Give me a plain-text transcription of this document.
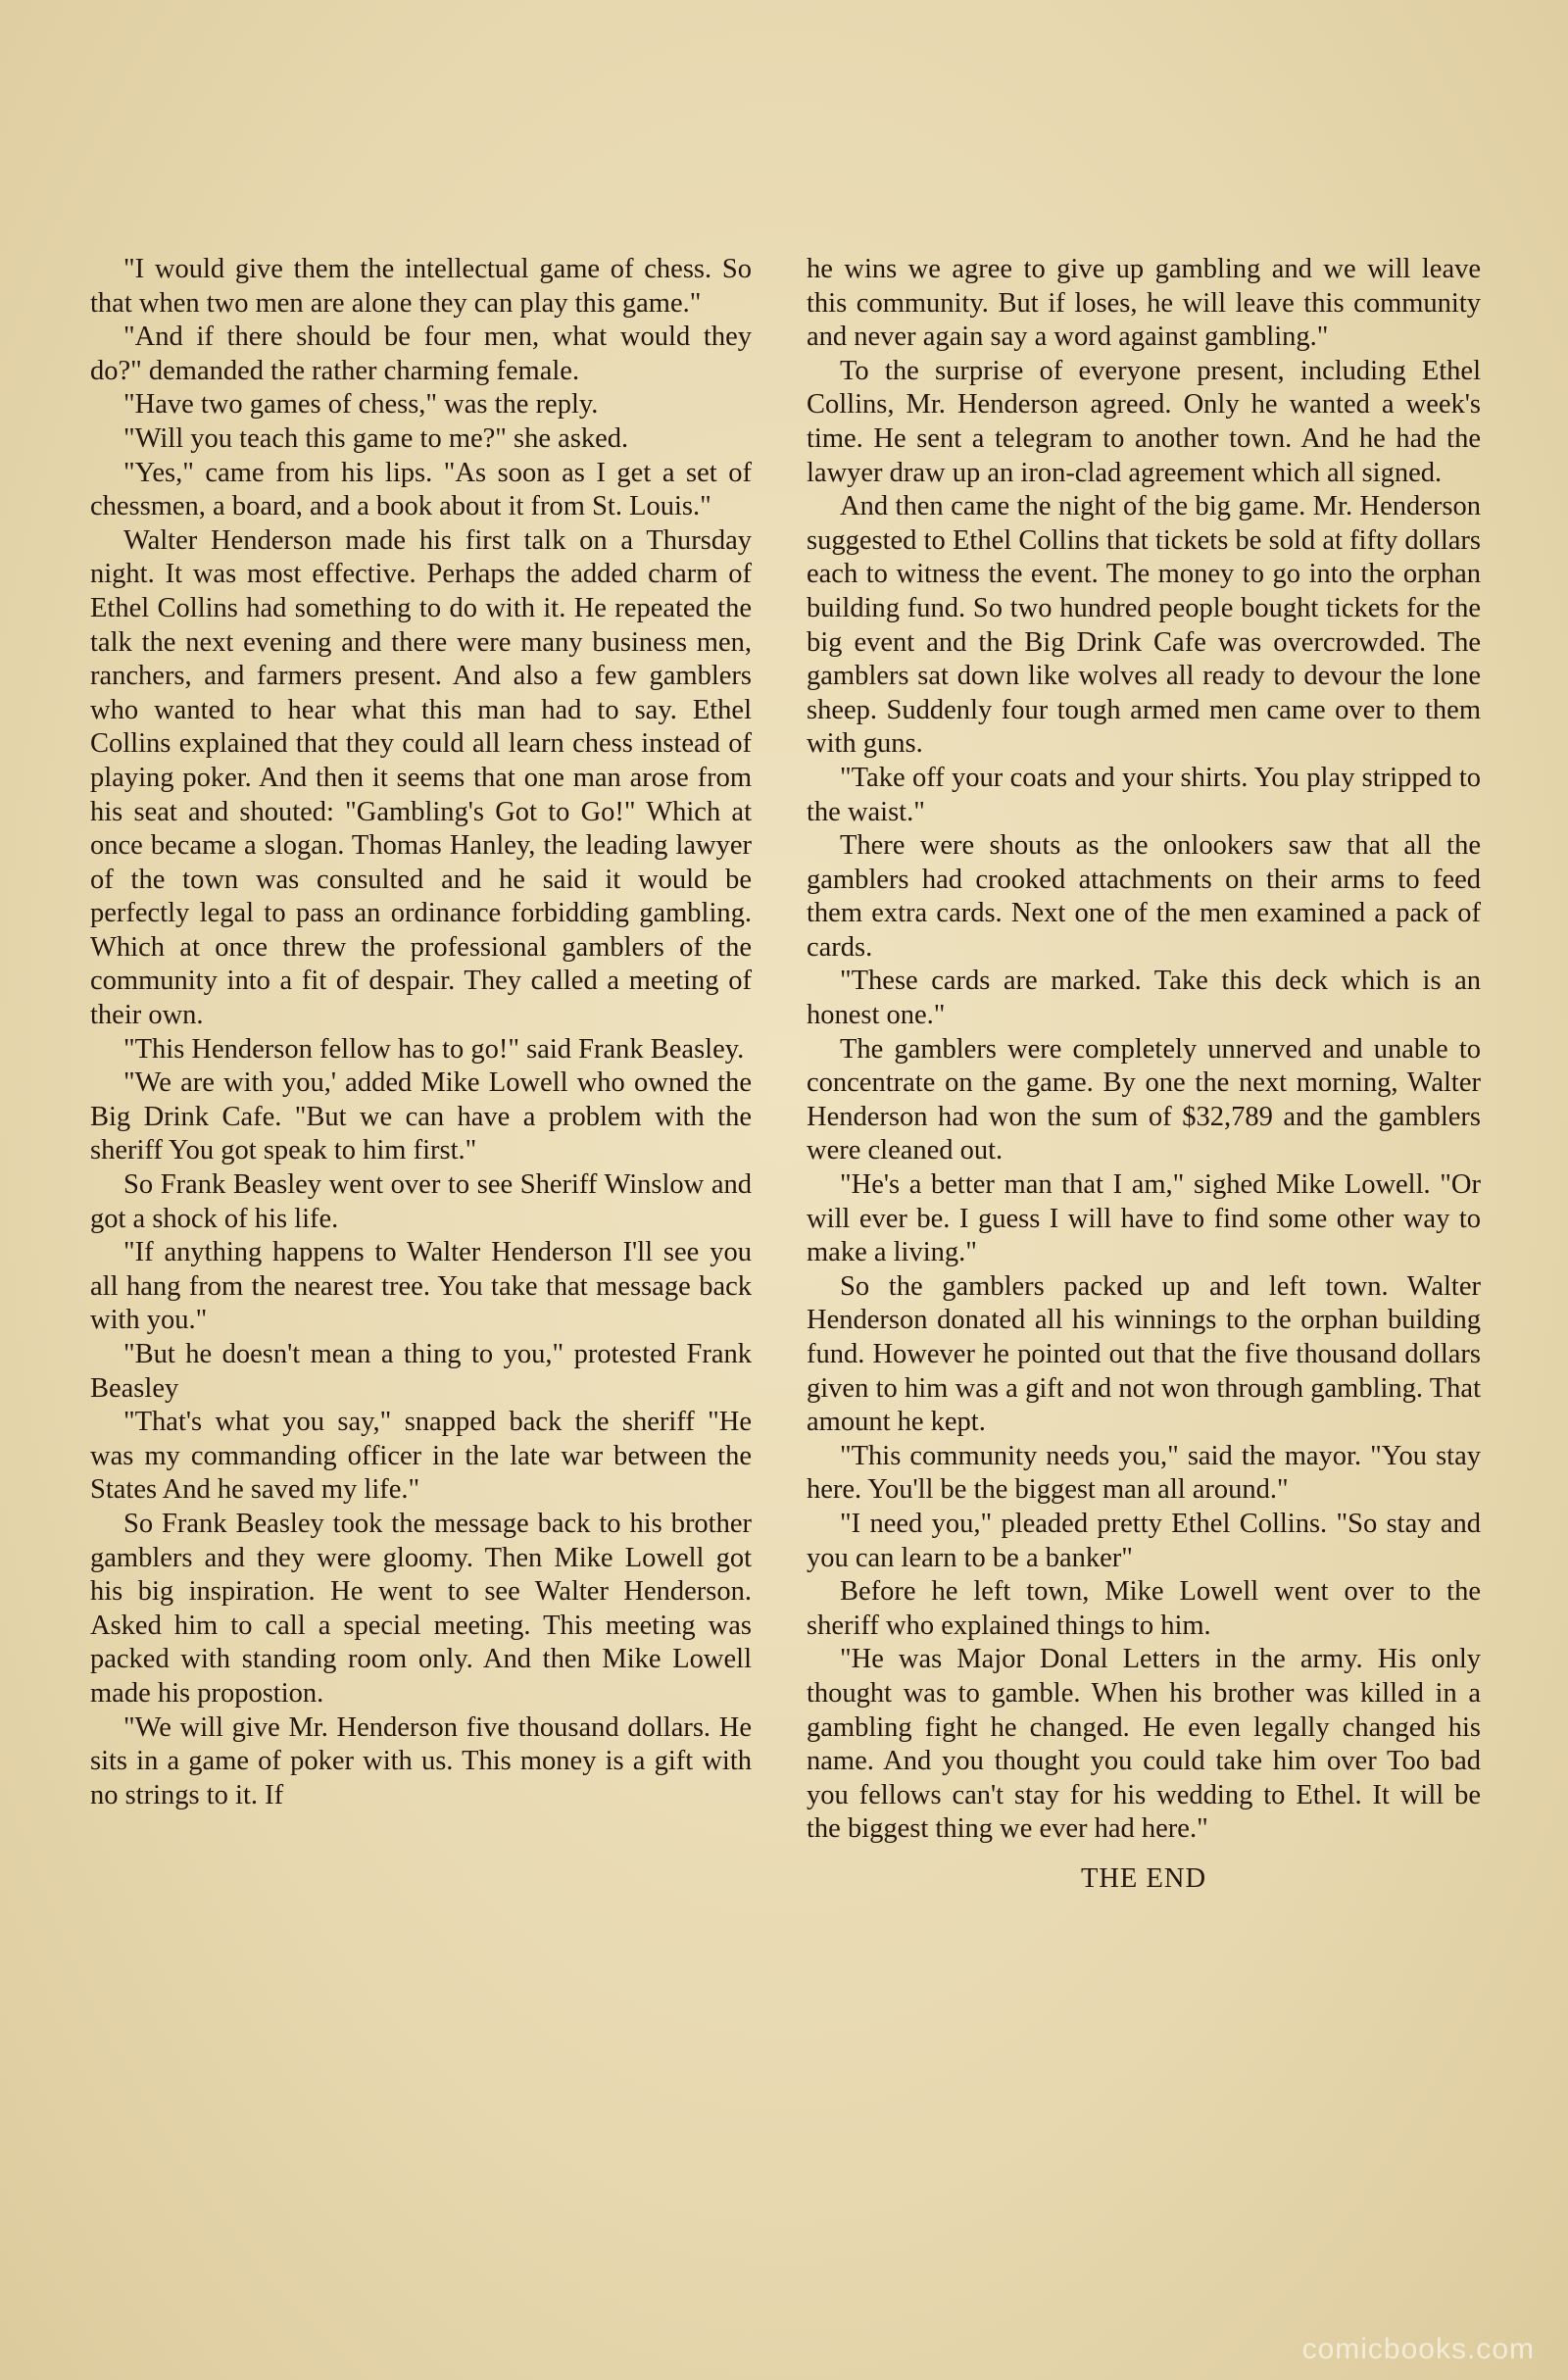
"I would give them the intellectual game of chess. So that when two men are alone they can play this game."

"And if there should be four men, what would they do?" demanded the rather charming female.

"Have two games of chess," was the reply.

"Will you teach this game to me?" she asked.

"Yes," came from his lips. "As soon as I get a set of chessmen, a board, and a book about it from St. Louis."

Walter Henderson made his first talk on a Thursday night. It was most effective. Perhaps the added charm of Ethel Collins had something to do with it. He repeated the talk the next evening and there were many business men, ranchers, and farmers present. And also a few gamblers who wanted to hear what this man had to say. Ethel Collins explained that they could all learn chess instead of playing poker. And then it seems that one man arose from his seat and shouted: "Gambling's Got to Go!" Which at once became a slogan. Thomas Hanley, the leading lawyer of the town was consulted and he said it would be perfectly legal to pass an ordinance forbidding gambling. Which at once threw the professional gamblers of the community into a fit of despair. They called a meeting of their own.

"This Henderson fellow has to go!" said Frank Beasley.

"We are with you,' added Mike Lowell who owned the Big Drink Cafe. "But we can have a problem with the sheriff You got speak to him first."

So Frank Beasley went over to see Sheriff Winslow and got a shock of his life.

"If anything happens to Walter Henderson I'll see you all hang from the nearest tree. You take that message back with you."

"But he doesn't mean a thing to you," protested Frank Beasley

"That's what you say," snapped back the sheriff "He was my commanding officer in the late war between the States And he saved my life."

So Frank Beasley took the message back to his brother gamblers and they were gloomy. Then Mike Lowell got his big inspiration. He went to see Walter Henderson. Asked him to call a special meeting. This meeting was packed with standing room only. And then Mike Lowell made his propostion.

"We will give Mr. Henderson five thousand dollars. He sits in a game of poker with us. This money is a gift with no strings to it. If

he wins we agree to give up gambling and we will leave this community. But if loses, he will leave this community and never again say a word against gambling."

To the surprise of everyone present, including Ethel Collins, Mr. Henderson agreed. Only he wanted a week's time. He sent a telegram to another town. And he had the lawyer draw up an iron-clad agreement which all signed.

And then came the night of the big game. Mr. Henderson suggested to Ethel Collins that tickets be sold at fifty dollars each to witness the event. The money to go into the orphan building fund. So two hundred people bought tickets for the big event and the Big Drink Cafe was overcrowded. The gamblers sat down like wolves all ready to devour the lone sheep. Suddenly four tough armed men came over to them with guns.

"Take off your coats and your shirts. You play stripped to the waist."

There were shouts as the onlookers saw that all the gamblers had crooked attachments on their arms to feed them extra cards. Next one of the men examined a pack of cards.

"These cards are marked. Take this deck which is an honest one."

The gamblers were completely unnerved and unable to concentrate on the game. By one the next morning, Walter Henderson had won the sum of $32,789 and the gamblers were cleaned out.

"He's a better man that I am," sighed Mike Lowell. "Or will ever be. I guess I will have to find some other way to make a living."

So the gamblers packed up and left town. Walter Henderson donated all his winnings to the orphan building fund. However he pointed out that the five thousand dollars given to him was a gift and not won through gambling. That amount he kept.

"This community needs you," said the mayor. "You stay here. You'll be the biggest man all around."

"I need you," pleaded pretty Ethel Collins. "So stay and you can learn to be a banker"

Before he left town, Mike Lowell went over to the sheriff who explained things to him.

"He was Major Donal Letters in the army. His only thought was to gamble. When his brother was killed in a gambling fight he changed. He even legally changed his name. And you thought you could take him over Too bad you fellows can't stay for his wedding to Ethel. It will be the biggest thing we ever had here."

THE END

comicbooks.com
